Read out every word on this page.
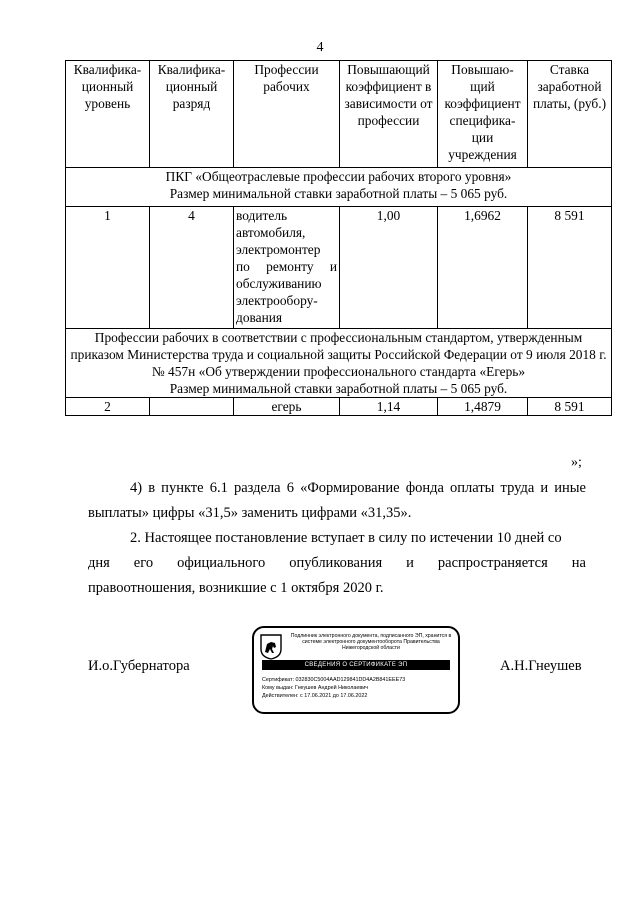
4
Квалифика-ционный уровень	Квалифика-ционный разряд	Профессии рабочих	Повышающий коэффициент в зависимости от профессии	Повышаю-щий коэффициент специфика-ции учреждения	Ставка заработной платы, (руб.)

ПКГ «Общеотраслевые профессии рабочих второго уровня»
Размер минимальной ставки заработной платы – 5 065 руб.					

1	4	водитель автомобиля, электромонтер по ремонту и обслуживанию электрообору-дования	1,00	1,6962	8 591

Профессии рабочих в соответствии с профессиональным стандартом, утвержденным приказом Министерства труда и социальной защиты Российской Федерации от 9 июля 2018 г. № 457н «Об утверждении профессионального стандарта «Егерь»
Размер минимальной ставки заработной платы – 5 065 руб.					

2		егерь	1,14	1,4879	8 591
»;
4) в пункте 6.1 раздела 6 «Формирование фонда оплаты труда и иные выплаты» цифры «31,5» заменить цифрами «31,35».
2. Настоящее постановление вступает в силу по истечении 10 дней со
дня его официального опубликования и распространяется на
правоотношения, возникшие с 1 октября 2020 г.
И.о.Губернатора	А.Н.Гнеушев
Подлинник электронного документа, подписанного ЭП, хранится в системе электронного документооборота Правительства Нижегородской области
СВЕДЕНИЯ О СЕРТИФИКАТЕ ЭП
Сертификат: 032830C5004AAD129841DD4A2B841EEE73
Кому выдан: Гнеушев Андрей Николаевич
Действителен: с 17.06.2021 до 17.06.2022
